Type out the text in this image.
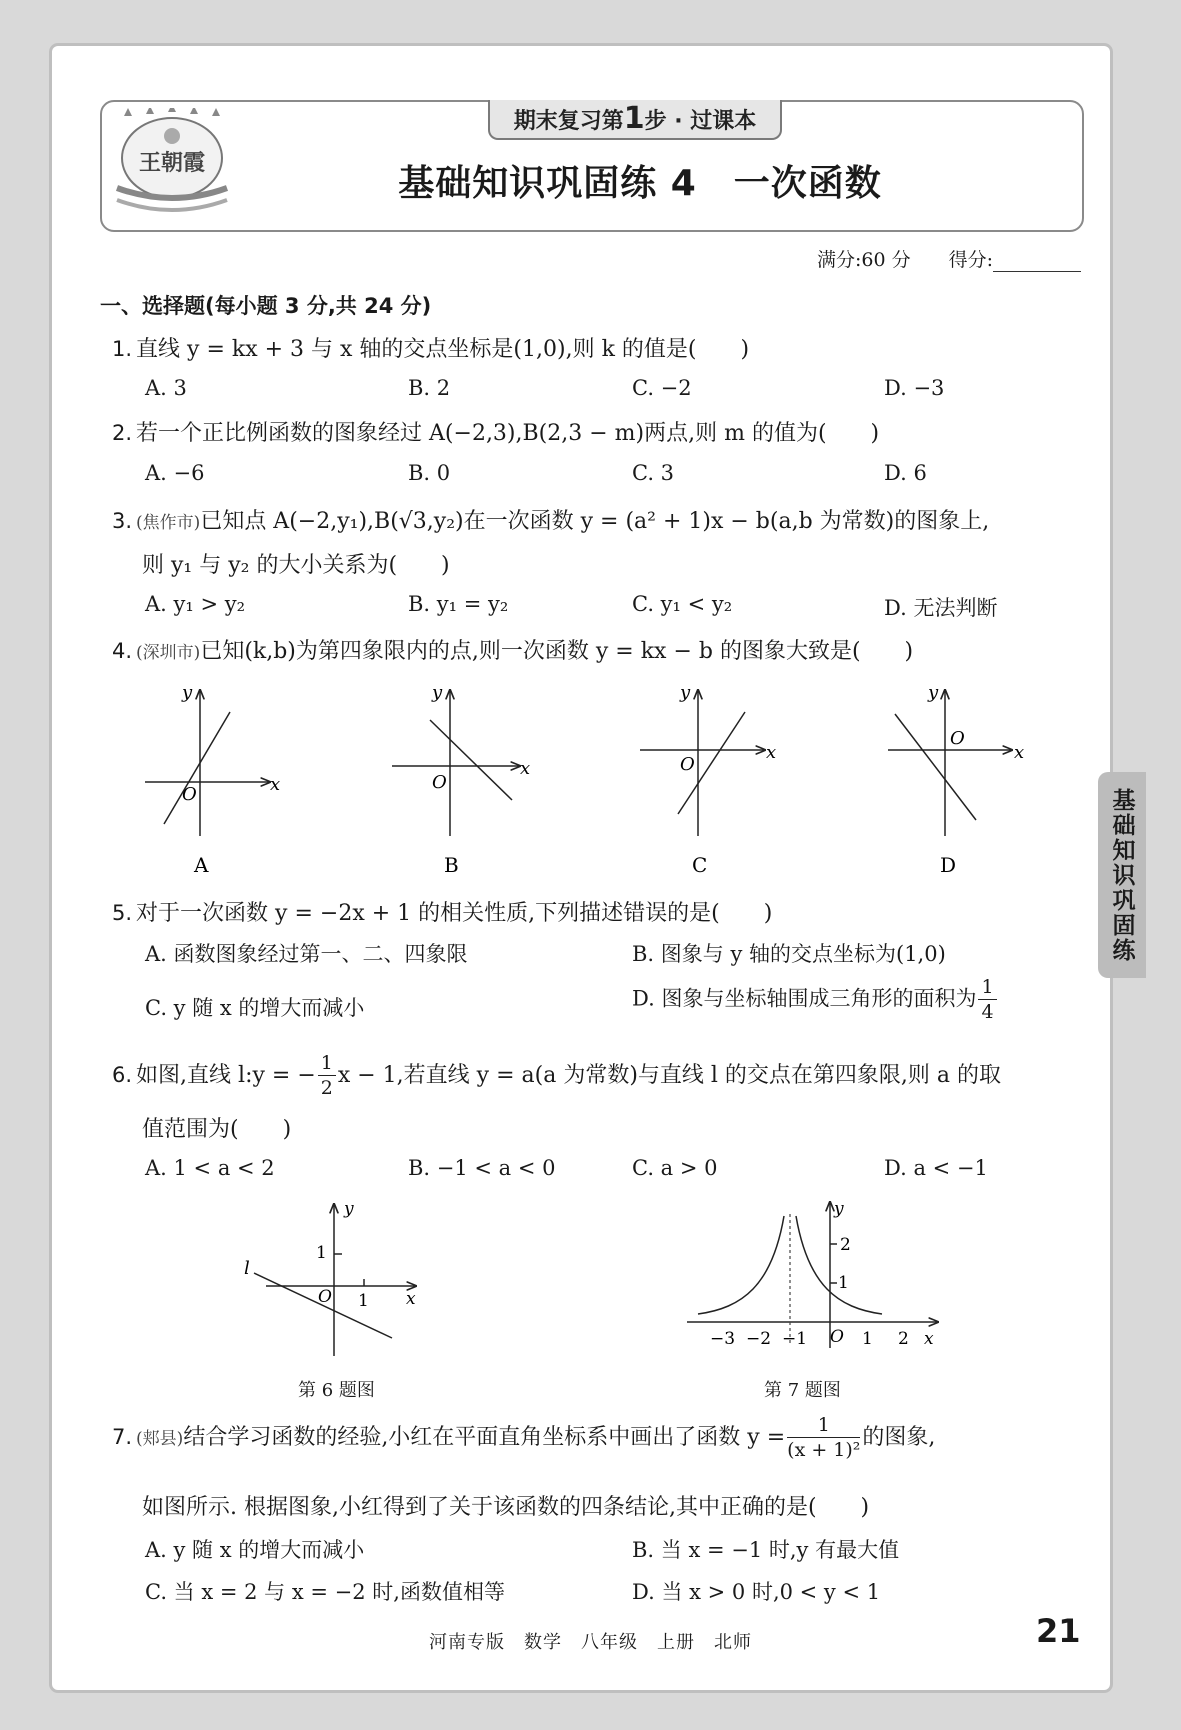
王朝霞
期末复习第1步 · 过课本
基础知识巩固练 4　一次函数
满分:60 分　　 得分:
一、选择题(每小题 3 分,共 24 分)
1. 直线 y = kx + 3 与 x 轴的交点坐标是(1,0),则 k 的值是(　　)
A. 3	B. 2	C. −2	D. −3
2. 若一个正比例函数的图象经过 A(−2,3),B(2,3 − m)两点,则 m 的值为(　　)
A. −6	B. 0	C. 3	D. 6
3. (焦作市)已知点 A(−2,y₁),B(√3,y₂)在一次函数 y = (a² + 1)x − b(a,b 为常数)的图象上,
则 y₁ 与 y₂ 的大小关系为(　　)
A. y₁ > y₂	B. y₁ = y₂	C. y₁ < y₂	D. 无法判断
4. (深圳市)已知(k,b)为第四象限内的点,则一次函数 y = kx − b 的图象大致是(　　)
O	x
y
A
O
x
y
B
O
x
y
C
O
x
y
D
5. 对于一次函数 y = −2x + 1 的相关性质,下列描述错误的是(　　)
A. 函数图象经过第一、二、四象限	B. 图象与 y 轴的交点坐标为(1,0)
C. y 随 x 的增大而减小	D. 图象与坐标轴围成三角形的面积为 $\frac{1}{4}$
6. 如图,直线 l:y = − $\frac{1}{2}$ x − 1,若直线 y = a(a 为常数)与直线 l 的交点在第四象限,则 a 的取
值范围为(　　)
A. 1 < a < 2	B. −1 < a < 0	C. a > 0	D. a < −1
l
1
1
O	x
y
第 6 题图
−3 −2 −1	1 2
2
1
O	x
y
第 7 题图
7. (郏县)结合学习函数的经验,小红在平面直角坐标系中画出了函数 $y = \frac{1}{\text{(x + 1)²}}$ 的图象,
如图所示. 根据图象,小红得到了关于该函数的四条结论,其中正确的是(　　)
A. y 随 x 的增大而减小	B. 当 x = −1 时,y 有最大值
C. 当 x = 2 与 x = −2 时,函数值相等	D. 当 x > 0 时,0 < y < 1
基础知识巩固练
河南专版　数学　八年级　上册　北师	21
